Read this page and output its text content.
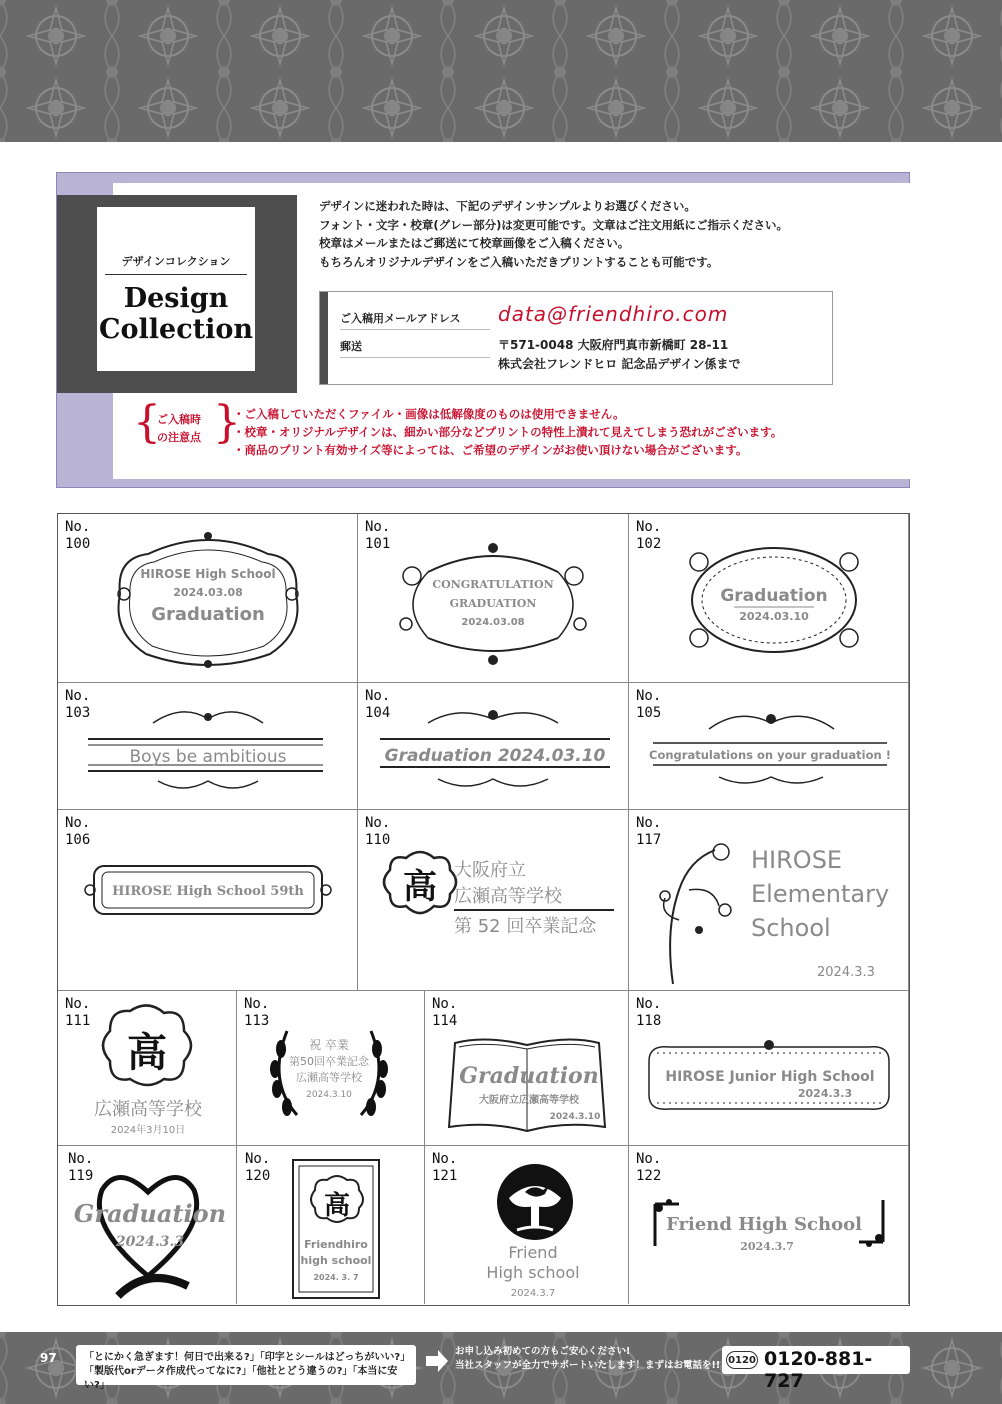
デザインコレクション
Design
Collection
デザインに迷われた時は、下記のデザインサンプルよりお選びください。
フォント・文字・校章(グレー部分)は変更可能です。文章はご注文用紙にご指示ください。
校章はメールまたはご郵送にて校章画像をご入稿ください。
もちろんオリジナルデザインをご入稿いただきプリントすることも可能です。
ご入稿用メールアドレス	data@friendhiro.com
郵送	〒571-0048 大阪府門真市新橋町 28-11
株式会社フレンドヒロ 記念品デザイン係まで
{
ご入稿時
の注意点 }
・ご入稿していただくファイル・画像は低解像度のものは使用できません。
・校章・オリジナルデザインは、細かい部分などプリントの特性上潰れて見えてしまう恐れがございます。
・商品のプリント有効サイズ等によっては、ご希望のデザインがお使い頂けない場合がございます。
No.
100
HIROSE High School
2024.03.08
Graduation
No.
101
CONGRATULATION
GRADUATION
2024.03.08
No.
102
Graduation
2024.03.10
No.
103
Boys be ambitious
No.
104
Graduation 2024.03.10
No.
105
Congratulations on your graduation !
No.
106
HIROSE High School 59th
No.
110
高 大阪府立
広瀬高等学校
第 52 回卒業記念
No.
117
HIROSE
Elementary
School
2024.3.3
No.
111
高
広瀬高等学校
2024年3月10日
No.
113
祝 卒業
第50回卒業記念
広瀬高等学校
2024.3.10
No.
114
Graduation
大阪府立広瀬高等学校
2024.3.10
No.
118
HIROSE Junior High School
2024.3.3
No.
119
Graduation
2024.3.3
No.
120
高
Friendhiro
high school
2024. 3. 7
No.
121
Friend
High school
2024.3.7
No.
122
Friend High School
2024.3.7
97	「とにかく急ぎます！何日で出来る?」「印字とシールはどっちがいい?」
「製版代orデータ作成代ってなに?」「他社とどう違うの?」「本当に安い?」
お申し込み初めての方もご安心ください!
当社スタッフが全力でサポートいたします！まずはお電話を!! 0120 0120-881-727
